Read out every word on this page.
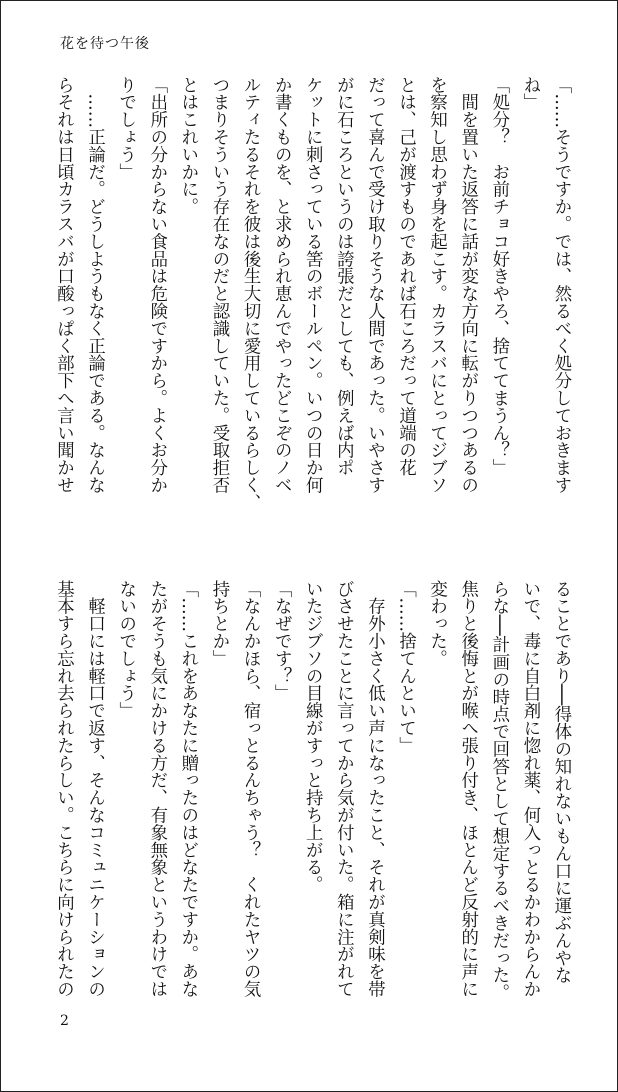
花を待つ午後
「……そうですか。では、然るべく処分しておきます
ね」
「処分？　お前チョコ好きやろ、捨ててまうん？」
　間を置いた返答に話が変な方向に転がりつつあるの
を察知し思わず身を起こす。カラスバにとってジブソ
とは、己が渡すものであれば石ころだって道端の花
だって喜んで受け取りそうな人間であった。いやさす
がに石ころというのは誇張だとしても、例えば内ポ
ケットに刺さっている筈のボールペン。いつの日か何
か書くものを、と求められ恵んでやったどこぞのノベ
ルティたるそれを彼は後生大切に愛用しているらしく、
つまりそういう存在なのだと認識していた。受取拒否
とはこれいかに。
「出所の分からない食品は危険ですから。よくお分か
りでしょう」
　……正論だ。どうしようもなく正論である。なんな
らそれは日頃カラスバが口酸っぱく部下へ言い聞かせ
ることであり──得体の知れないもん口に運ぶんやな
いで、毒に自白剤に惚れ薬、何入っとるかわからんか
らな──計画の時点で回答として想定するべきだった。
焦りと後悔とが喉へ張り付き、ほとんど反射的に声に
変わった。
「……捨てんといて」
　存外小さく低い声になったこと、それが真剣味を帯
びさせたことに言ってから気が付いた。箱に注がれて
いたジブソの目線がすっと持ち上がる。
「なぜです？」
「なんかほら、宿っとるんちゃう？　くれたヤツの気
持ちとか」
「……これをあなたに贈ったのはどなたですか。あな
たがそうも気にかける方だ、有象無象というわけでは
ないのでしょう」
　軽口には軽口で返す、そんなコミュニケーションの
基本すら忘れ去られたらしい。こちらに向けられたの
2
